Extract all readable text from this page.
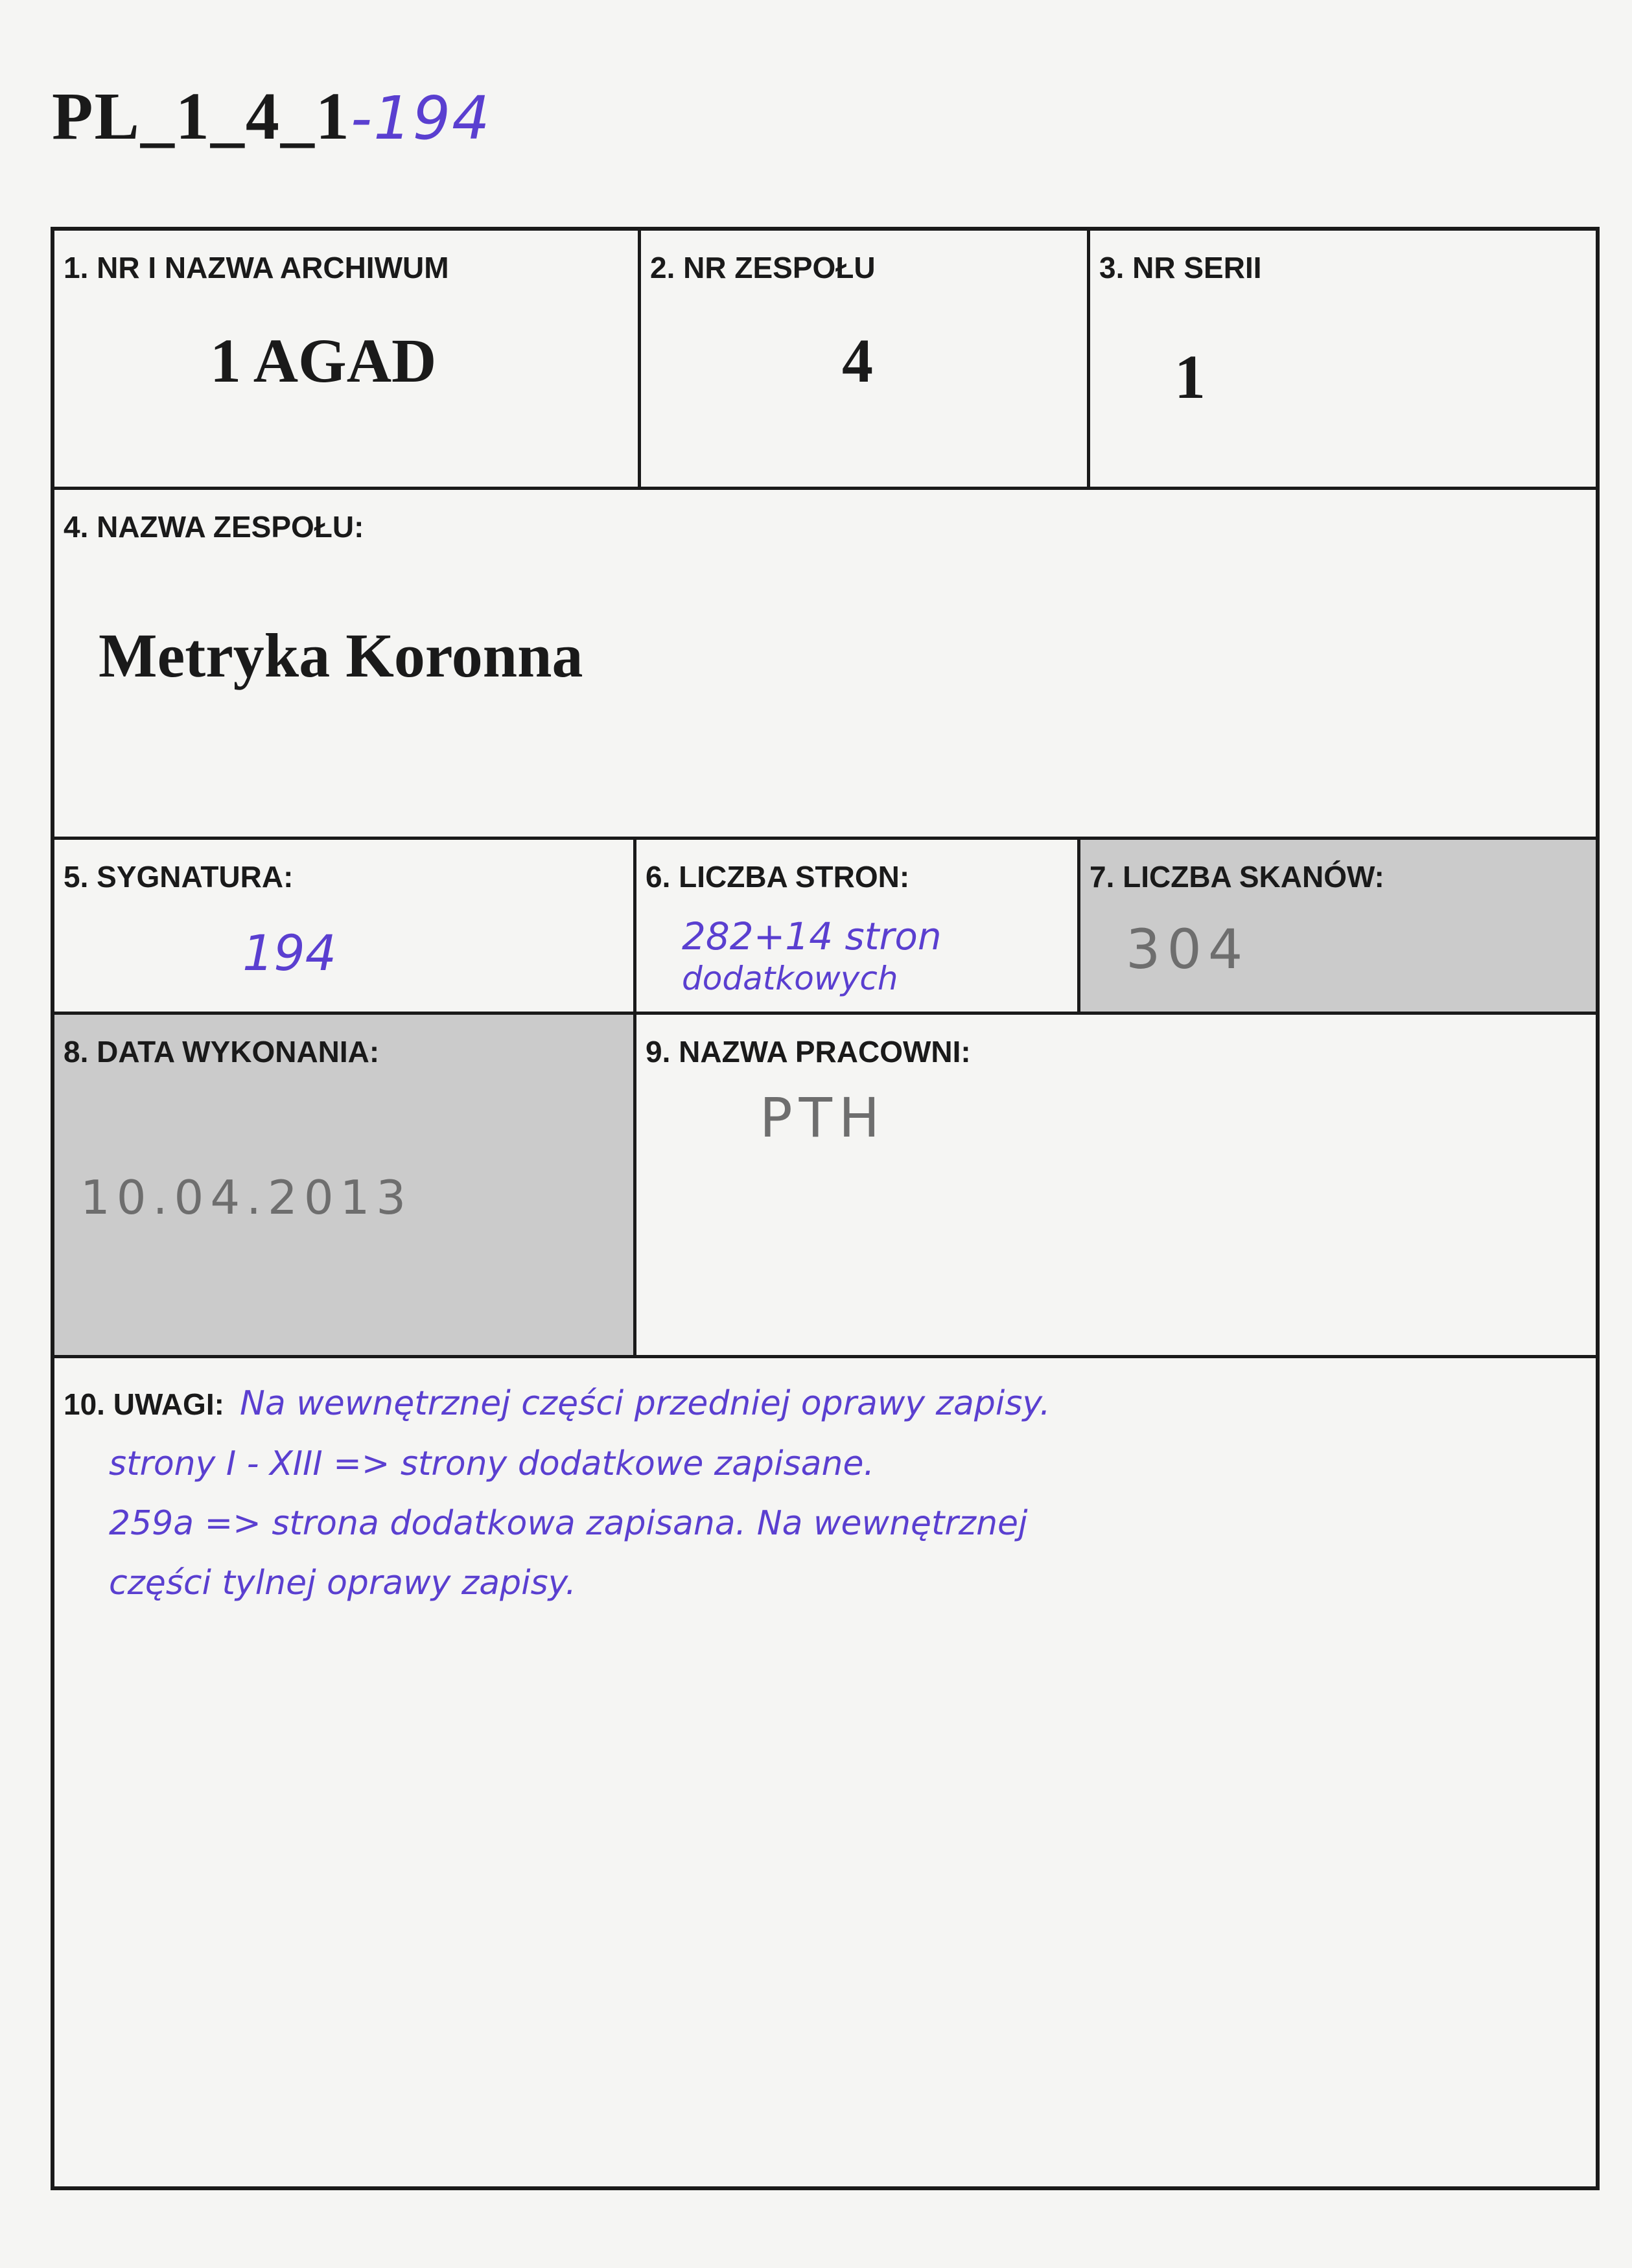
PL_1_4_1-194
1. NR I NAZWA ARCHIWUM
1 AGAD
2. NR ZESPOŁU
4
3. NR SERII
1
4. NAZWA ZESPOŁU:
Metryka Koronna
5. SYGNATURA:
194
6. LICZBA STRON:
282+14 stron
dodatkowych
7. LICZBA SKANÓW:
304
8. DATA WYKONANIA:
10.04.2013
9. NAZWA PRACOWNI:
PTH
10. UWAGI: Na wewnętrznej części przedniej oprawy zapisy.
strony I - XIII => strony dodatkowe zapisane.
259a => strona dodatkowa zapisana. Na wewnętrznej
części tylnej oprawy zapisy.
